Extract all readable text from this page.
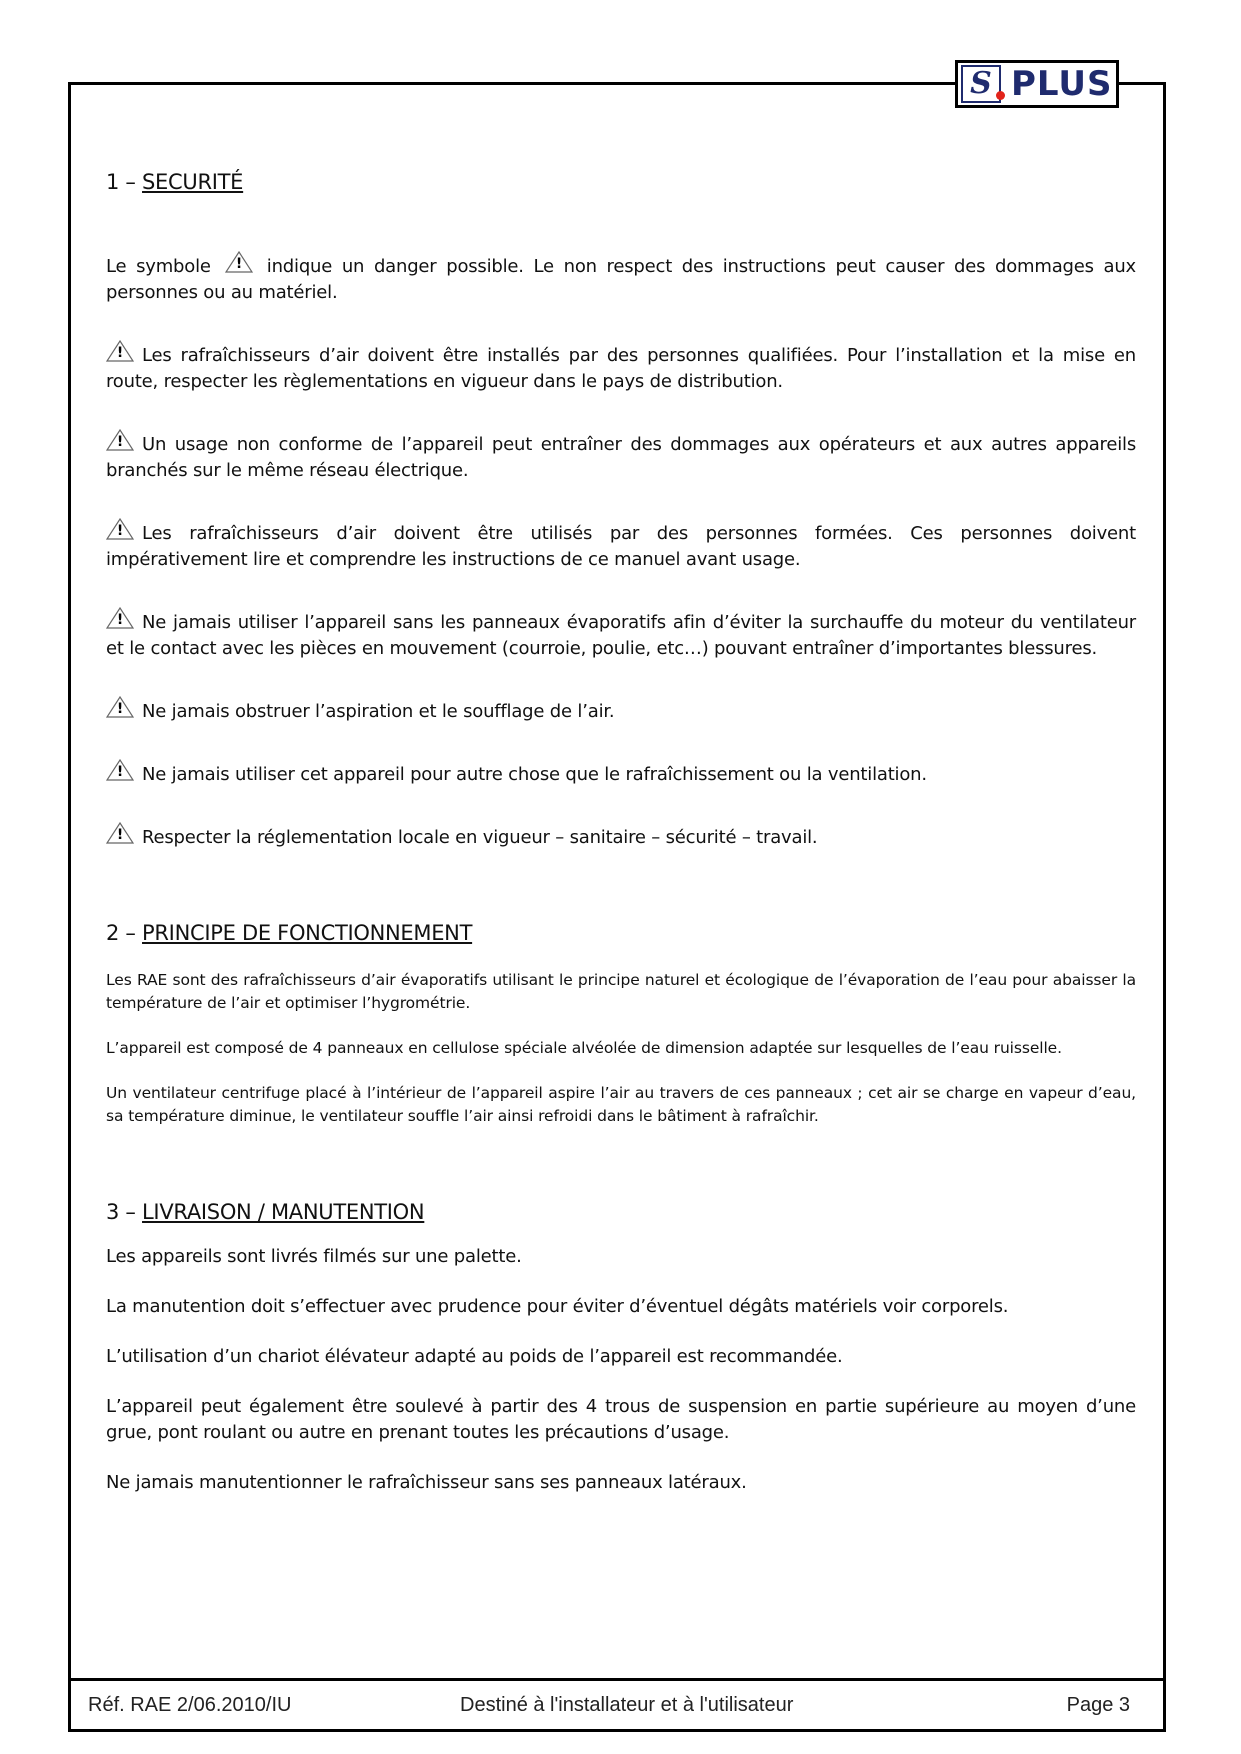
S PLUS
1 – SECURITÉ

Le symbole ! indique un danger possible. Le non respect des instructions peut causer des dommages aux personnes ou au matériel.

! Les rafraîchisseurs d’air doivent être installés par des personnes qualifiées. Pour l’installation et la mise en route, respecter les règlementations en vigueur dans le pays de distribution.

! Un usage non conforme de l’appareil peut entraîner des dommages aux opérateurs et aux autres appareils branchés sur le même réseau électrique.

! Les rafraîchisseurs d’air doivent être utilisés par des personnes formées. Ces personnes doivent impérativement lire et comprendre les instructions de ce manuel avant usage.

! Ne jamais utiliser l’appareil sans les panneaux évaporatifs afin d’éviter la surchauffe du moteur du ventilateur et le contact avec les pièces en mouvement (courroie, poulie, etc…) pouvant entraîner d’importantes blessures.

! Ne jamais obstruer l’aspiration et le soufflage de l’air.

! Ne jamais utiliser cet appareil pour autre chose que le rafraîchissement ou la ventilation.

! Respecter la réglementation locale en vigueur – sanitaire – sécurité – travail.

2 – PRINCIPE DE FONCTIONNEMENT

Les RAE sont des rafraîchisseurs d’air évaporatifs utilisant le principe naturel et écologique de l’évaporation de l’eau pour abaisser la température de l’air et optimiser l’hygrométrie.

L’appareil est composé de 4 panneaux en cellulose spéciale alvéolée de dimension adaptée sur lesquelles de l’eau ruisselle.

Un ventilateur centrifuge placé à l’intérieur de l’appareil aspire l’air au travers de ces panneaux ; cet air se charge en vapeur d’eau, sa température diminue, le ventilateur souffle l’air ainsi refroidi dans le bâtiment à rafraîchir.

3 – LIVRAISON / MANUTENTION

Les appareils sont livrés filmés sur une palette.

La manutention doit s’effectuer avec prudence pour éviter d’éventuel dégâts matériels voir corporels.

L’utilisation d’un chariot élévateur adapté au poids de l’appareil est recommandée.

L’appareil peut également être soulevé à partir des 4 trous de suspension en partie supérieure au moyen d’une grue, pont roulant ou autre en prenant toutes les précautions d’usage.

Ne jamais manutentionner le rafraîchisseur sans ses panneaux latéraux.

Réf. RAE 2/06.2010/IU	Destiné à l'installateur et à l'utilisateur	Page 3
